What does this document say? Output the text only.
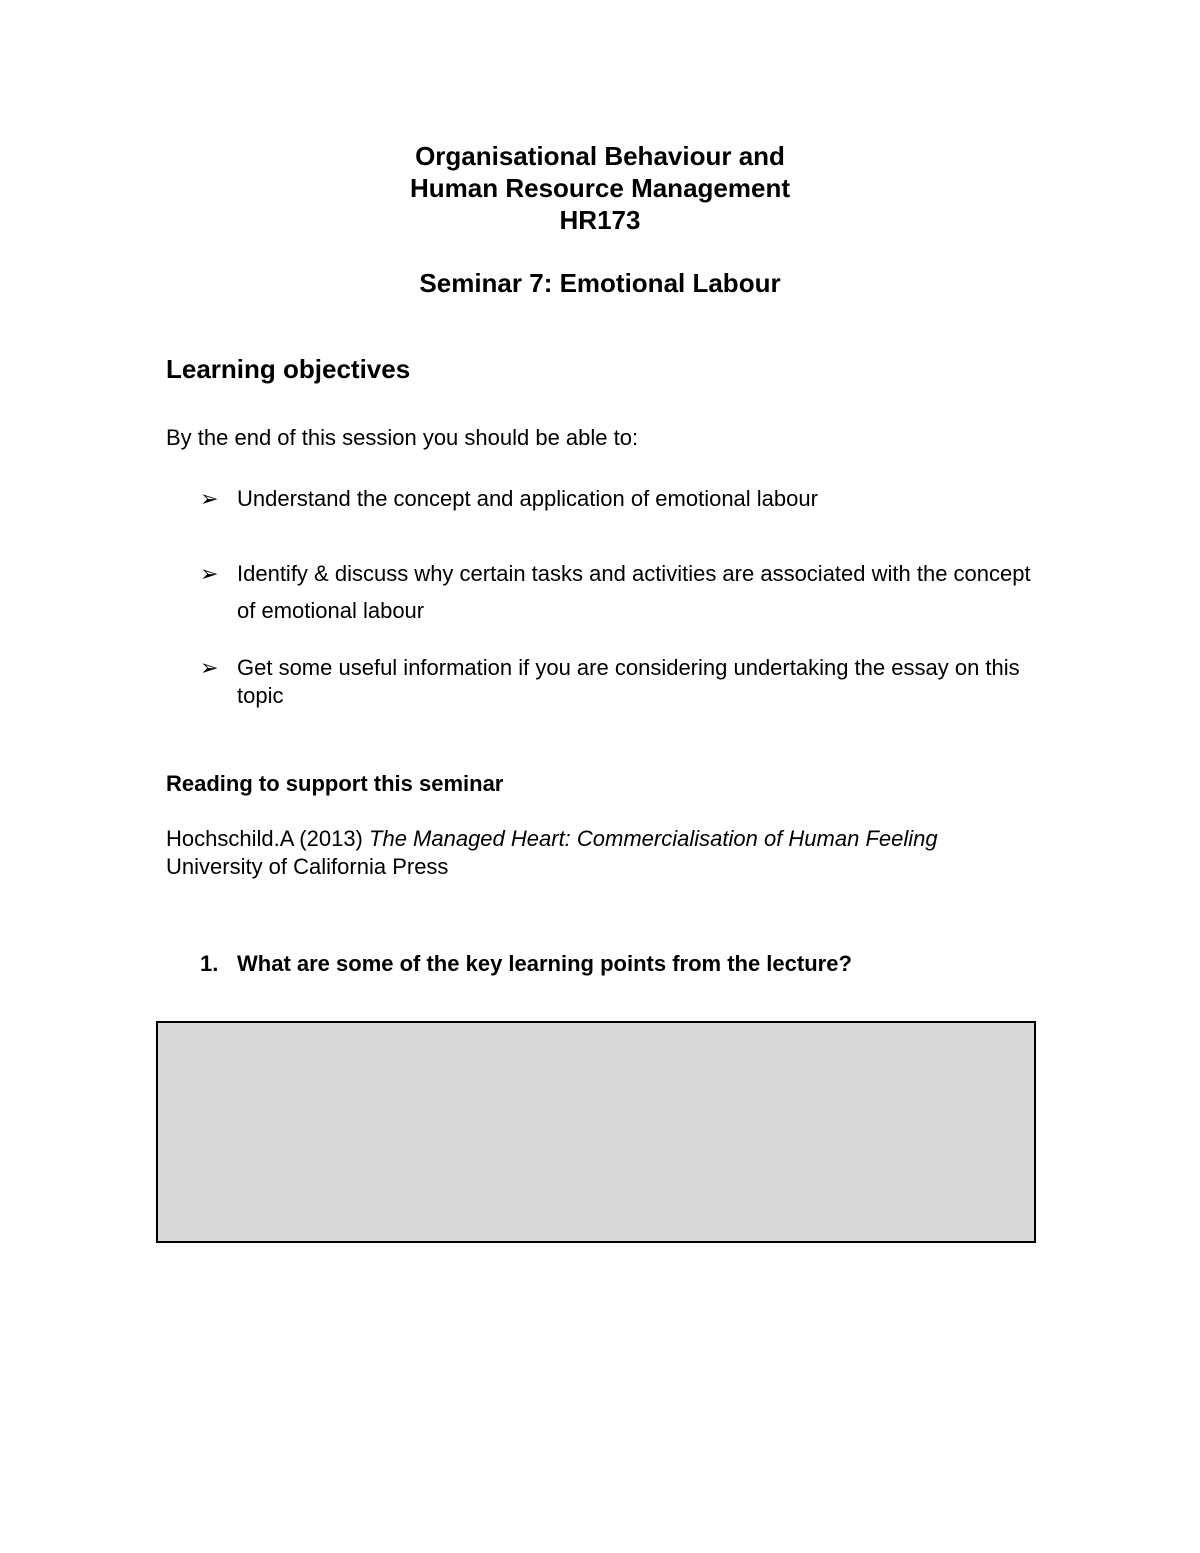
Organisational Behaviour and
Human Resource Management
HR173
Seminar 7: Emotional Labour
Learning objectives
By the end of this session you should be able to:
➢ Understand the concept and application of emotional labour
➢ Identify & discuss why certain tasks and activities are associated with the concept of emotional labour
➢ Get some useful information if you are considering undertaking the essay on this topic
Reading to support this seminar
Hochschild.A (2013) The Managed Heart: Commercialisation of Human Feeling
University of California Press
1. What are some of the key learning points from the lecture?
